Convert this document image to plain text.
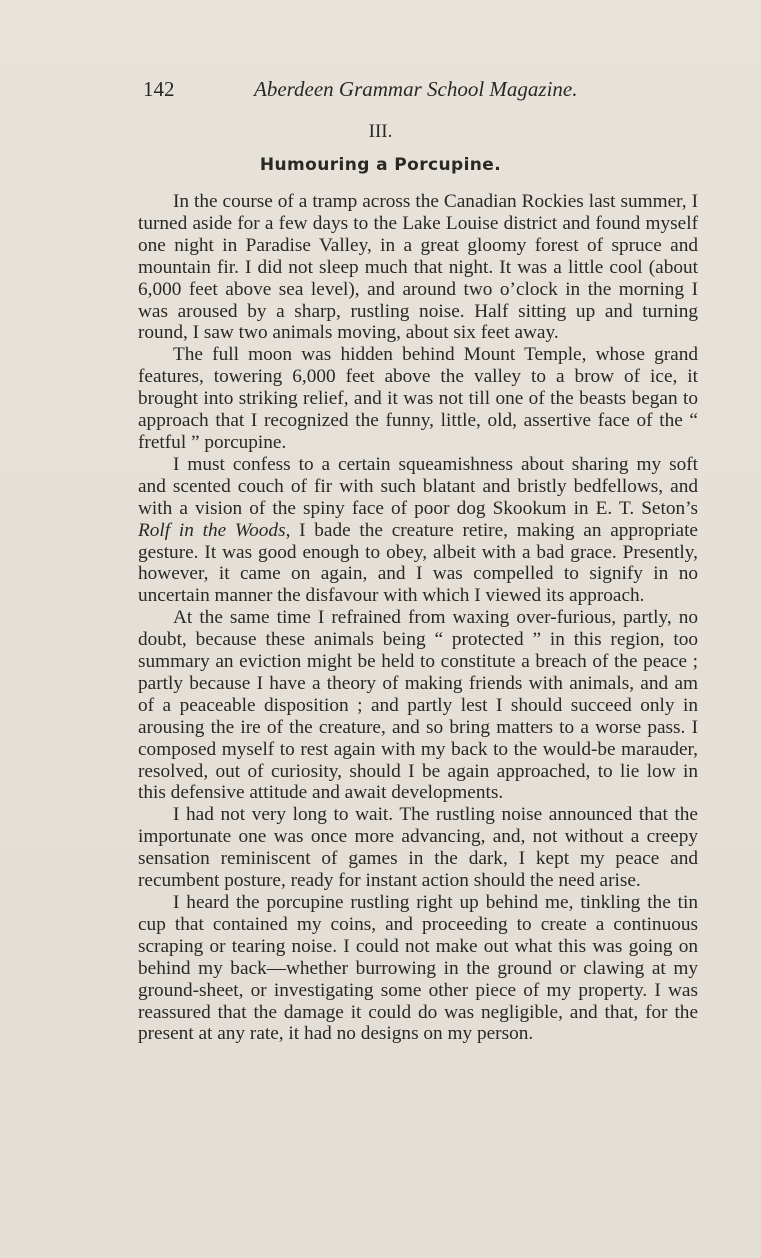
142	Aberdeen Grammar School Magazine.
III.
Humouring a Porcupine.

In the course of a tramp across the Canadian Rockies last summer, I turned aside for a few days to the Lake Louise district and found myself one night in Paradise Valley, in a great gloomy forest of spruce and mountain fir. I did not sleep much that night. It was a little cool (about 6,000 feet above sea level), and around two o’clock in the morning I was aroused by a sharp, rustling noise. Half sitting up and turning round, I saw two animals moving, about six feet away.

The full moon was hidden behind Mount Temple, whose grand features, towering 6,000 feet above the valley to a brow of ice, it brought into striking relief, and it was not till one of the beasts began to approach that I recognized the funny, little, old, assertive face of the “ fretful ” porcupine.

I must confess to a certain squeamishness about sharing my soft and scented couch of fir with such blatant and bristly bedfellows, and with a vision of the spiny face of poor dog Skookum in E. T. Seton’s Rolf in the Woods, I bade the creature retire, making an appropriate gesture. It was good enough to obey, albeit with a bad grace. Presently, however, it came on again, and I was compelled to signify in no uncertain manner the disfavour with which I viewed its approach.

At the same time I refrained from waxing over-furious, partly, no doubt, because these animals being “ protected ” in this region, too summary an eviction might be held to constitute a breach of the peace ; partly because I have a theory of making friends with animals, and am of a peaceable disposition ; and partly lest I should succeed only in arousing the ire of the creature, and so bring matters to a worse pass. I composed myself to rest again with my back to the would-be marauder, resolved, out of curiosity, should I be again approached, to lie low in this defensive attitude and await developments.

I had not very long to wait. The rustling noise announced that the importunate one was once more advancing, and, not without a creepy sensation reminiscent of games in the dark, I kept my peace and recumbent posture, ready for instant action should the need arise.

I heard the porcupine rustling right up behind me, tinkling the tin cup that contained my coins, and proceeding to create a continuous scraping or tearing noise. I could not make out what this was going on behind my back—whether burrowing in the ground or clawing at my ground-sheet, or investigating some other piece of my property. I was reassured that the damage it could do was negligible, and that, for the present at any rate, it had no designs on my person.
